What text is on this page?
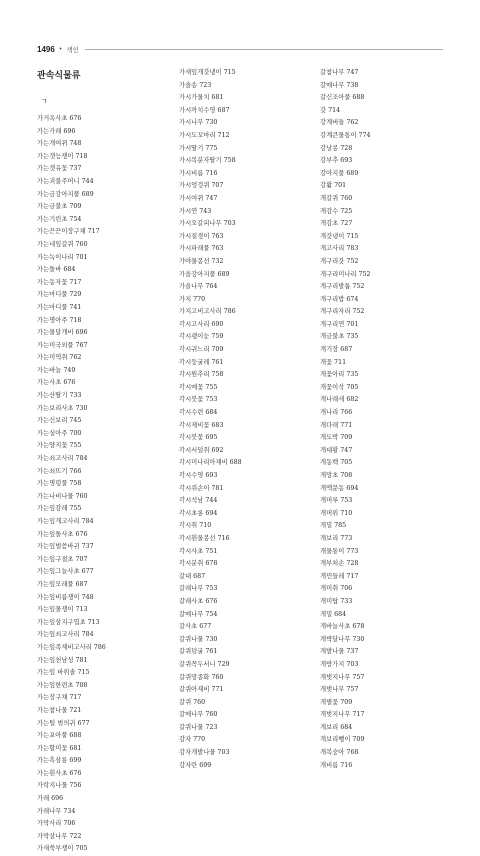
1496 • 색인
관속식물류
ㄱ
가거옥사초 676
가는가래 696
가는개여뀌 748
가는갯능쟁이 718
가는갯유꽃 737
가는괴불주머니 744
가는금강아지풀 689
가는금불초 709
가는기린초 754
가는끈끈이장구채 717
가는네잎갈퀴 760
가는녹이나리 701
가는돌바 684
가는동자꽃 717
가는마디풀 729
가는마디풀 741
가는명아주 718
가는물달개비 696
가는미국외풀 767
가는미역취 762
가는바늘 749
가는사초 676
가는산딸기 733
가는보리사초 730
가는신보리 745
가는실아주 700
가는양지꽃 755
가는쇠고사리 784
가는쇠뜨기 766
가는명령풀 758
가는나비나물 760
가는잎감래 755
가는잎개고사리 784
가는잎돌사초 676
가는잎벌씀바귀 737
가는잎구절초 707
가는잎그늘사초 677
가는잎모래풀 687
가는잎비름쟁이 748
가는잎물쟁이 713
가는잎삼지구엽초 713
가는잎쇠고사리 784
가는잎족제비고사리 786
가는잎천남성 781
가는잎 바위솔 715
가는잎한련초 708
가는장구채 717
가는참나물 721
가는털 범의귀 677
가는포아풀 688
가는할미꽃 681
가는흑삼릉 699
가는흰사초 676
가락지나물 756
가래 696
가래나무 734
가막사리 706
가막살나무 722
가새쑥부쟁이 705
가새잎개갓냉이 715
가솔송 723
가시가물치 681
가시까치수영 687
가시나무 730
가시도꼬마리 712
가시딸기 775
가시복분자딸기 758
가시비름 716
가시엉겅퀴 707
가시여뀌 747
가시연 743
가시오갈피나무 703
가시질경이 763
가시파래풀 763
가야물봉선 732
가을강아지풀 689
가을나무 764
가지 770
가지고비고사리 786
각시고사리 690
각시괭이눈 759
각시귀느리 709
각시둥굴레 761
각시원추리 758
각시메꽃 755
각시붓꽃 753
각시수련 684
각시제비꽃 683
각시붓꽃 695
각시서덜취 692
각시미나리아재비 688
각시수영 693
각시쥐손이 781
각시석남 744
각시초롱 694
각시취 710
각시흰물봉선 716
각시사초 751
각시분취 678
갈대 687
갈래나무 753
갈래사초 676
갈매나무 754
갈사초 677
갈퀴나물 730
갈퀴덩굴 761
갈퀴꼭두서니 729
갈퀴망종화 760
갈퀴아재비 771
갈퀴 760
갈매나무 760
갈퀴나물 723
감자 770
감자개발나물 703
감자란 699
갈참나무 747
갈매나무 738
갈신조아풀 688
갓 714
강계버들 762
강계큰물통이 774
강낭콩 728
강부추 693
강아지풀 689
강활 701
개갈퀴 760
개감수 725
개감초 727
개갓냉이 715
개고사리 783
개구리갓 752
개구리미나리 752
개구리발톱 752
개구리밥 674
개구리자리 752
개구리연 701
개금불초 735
개기장 687
개꽃 711
개꽃아리 735
개꽃이삭 705
개나래새 682
개나리 766
개다래 771
개도박 709
개대황 747
개동백 705
개망초 708
개맥문동 694
개머루 753
개머위 710
개밀 785
개보리 773
개물통이 773
개부처손 728
개민들레 717
개미취 706
개미탑 733
개밀 684
개바늘사초 678
개박달나무 730
개발나물 737
개방가지 703
개벚지나무 757
개벚나무 757
개별꽃 709
개벚지나무 717
개보리 684
개보리뺑이 709
개복숭아 768
개비름 716
